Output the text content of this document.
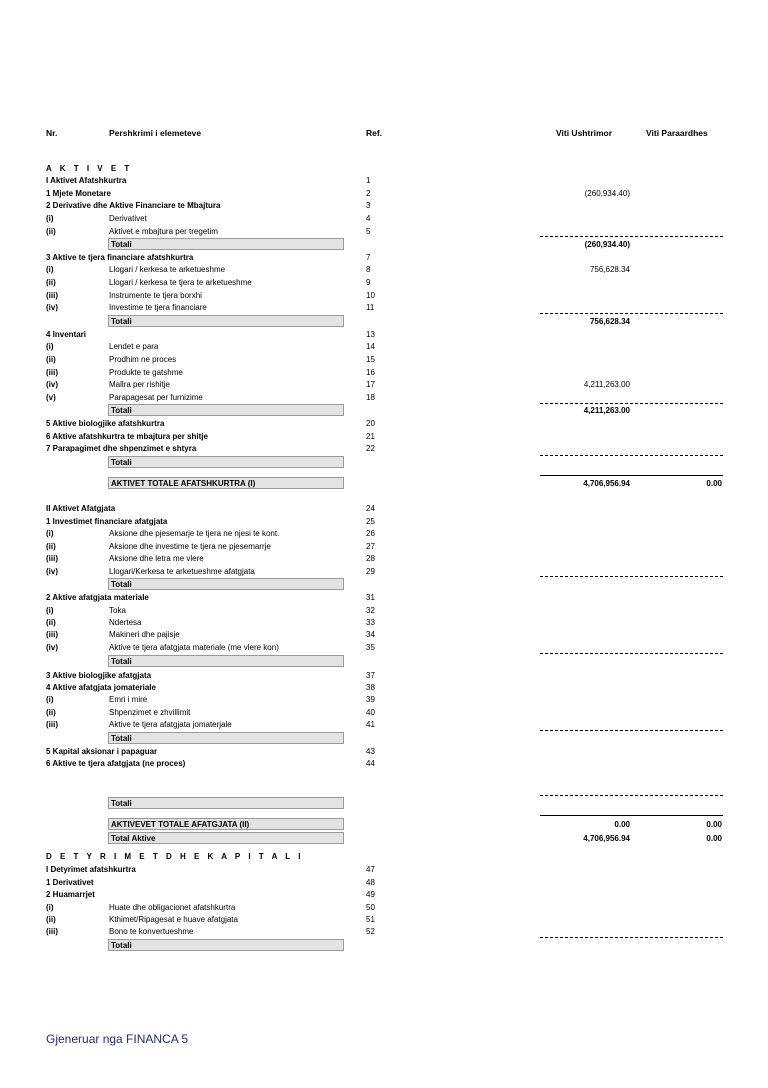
Nr.	Pershkrimi i elemeteve	Ref.	Viti Ushtrimor	Viti Paraardhes
A K T I V E T
I Aktivet Afatshkurtra	1
1 Mjete Monetare	2	(260,934.40)
2 Derivative dhe Aktive Financiare te Mbajtura	3
(i)	Derivativet	4
(ii)	Aktivet e mbajtura per tregetim	5
Totali	(260,934.40)
3 Aktive te tjera financiare afatshkurtra	7
(i)	Llogari / kerkesa te arketueshme	8	756,628.34
(ii)	Llogari / kerkesa te tjera te arketueshme	9
(iii)	Instrumente te tjera borxhi	10
(iv)	Investime te tjera financiare	11
Totali	756,628.34
4 Inventari	13
(i)	Lendet e para	14
(ii)	Prodhim ne proces	15
(iii)	Produkte te gatshme	16
(iv)	Mallra per rishitje	17	4,211,263.00
(v)	Parapagesat per furnizime	18
Totali	4,211,263.00
5 Aktive biologjike afatshkurtra	20
6 Aktive afatshkurtra te mbajtura per shitje	21
7 Parapagimet dhe shpenzimet e shtyra	22
Totali
AKTIVET TOTALE AFATSHKURTRA (I)	4,706,956.94	0.00
II Aktivet Afatgjata	24
1 Investimet financiare afatgjata	25
(i)	Aksione dhe pjesemarje te tjera ne njesi te kont.	26
(ii)	Aksione dhe investime te tjera ne pjesemarrje	27
(iii)	Aksione dhe letra me vlere	28
(iv)	Llogari/Kerkesa te arketueshme afatgjata	29
Totali
2 Aktive afatgjata materiale	31
(i)	Toka	32
(ii)	Ndertesa	33
(iii)	Makineri dhe pajisje	34
(iv)	Aktive te tjera afatgjata materiale (me vlere kon)	35
Totali
3 Aktive biologjike afatgjata	37
4 Aktive afatgjata jomateriale	38
(i)	Emri i mire	39
(ii)	Shpenzimet e zhvillimit	40
(iii)	Aktive te tjera afatgjata jomaterjale	41
Totali
5 Kapital aksionar i papaguar	43
6 Aktive te tjera afatgjata (ne proces)	44
Totali
AKTIVEVET TOTALE AFATGJATA (II)	0.00	0.00
Total Aktive	4,706,956.94	0.00
D E T Y R I M E T D H E K A P I T A L I
I Detyrimet afatshkurtra	47
1 Derivativet	48
2 Huamarrjet	49
(i)	Huate dhe obligacionet afatshkurtra	50
(ii)	Kthimet/Ripagesat e huave afatgjata	51
(iii)	Bono te konvertueshme	52
Totali
Gjeneruar nga FINANCA 5
